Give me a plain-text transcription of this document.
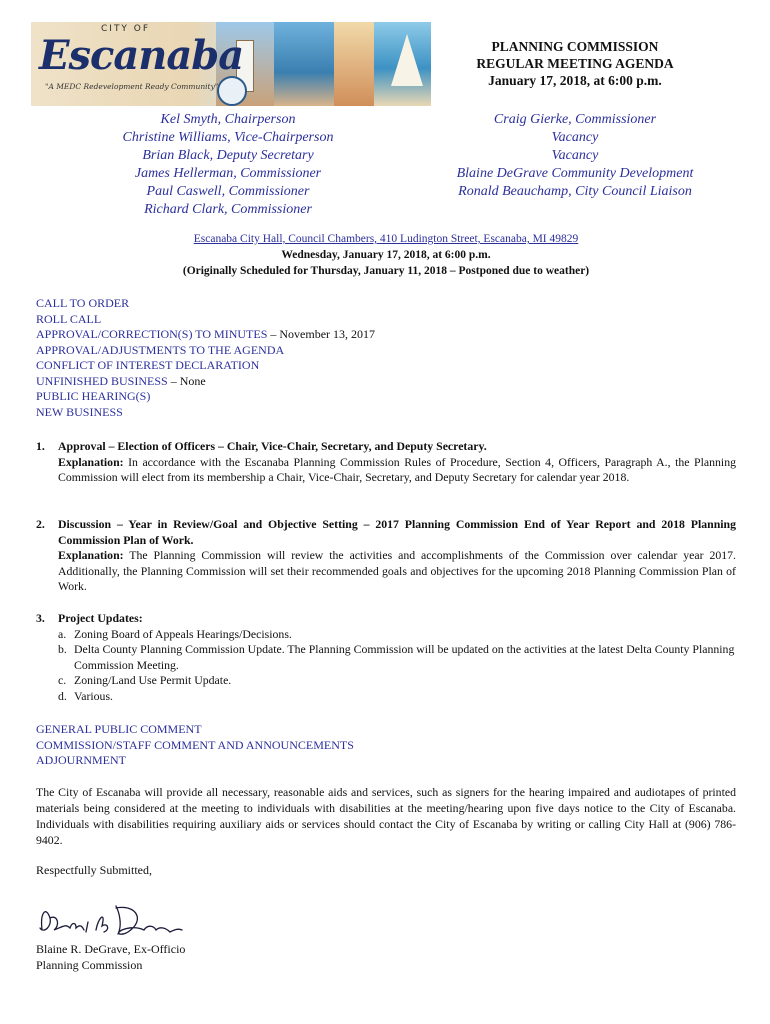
CITY OF
Escanaba
"A MEDC Redevelopment Ready Community"
PLANNING COMMISSION
REGULAR MEETING AGENDA
January 17, 2018, at 6:00 p.m.
Kel Smyth, Chairperson
Christine Williams, Vice-Chairperson
Brian Black, Deputy Secretary
James Hellerman, Commissioner
Paul Caswell, Commissioner
Richard Clark, Commissioner
Craig Gierke, Commissioner
Vacancy
Vacancy
Blaine DeGrave Community Development
Ronald Beauchamp, City Council Liaison
Escanaba City Hall, Council Chambers, 410 Ludington Street, Escanaba, MI 49829
Wednesday, January 17, 2018, at 6:00 p.m.
(Originally Scheduled for Thursday, January 11, 2018 – Postponed due to weather)
CALL TO ORDER
ROLL CALL
APPROVAL/CORRECTION(S) TO MINUTES – November 13, 2017
APPROVAL/ADJUSTMENTS TO THE AGENDA
CONFLICT OF INTEREST DECLARATION
UNFINISHED BUSINESS – None
PUBLIC HEARING(S)
NEW BUSINESS
1. Approval – Election of Officers – Chair, Vice-Chair, Secretary, and Deputy Secretary.
Explanation: In accordance with the Escanaba Planning Commission Rules of Procedure, Section 4, Officers, Paragraph A., the Planning Commission will elect from its membership a Chair, Vice-Chair, Secretary, and Deputy Secretary for calendar year 2018.
2.	Discussion – Year in Review/Goal and Objective Setting – 2017 Planning Commission End of Year Report and 2018 Planning Commission Plan of Work.
Explanation: The Planning Commission will review the activities and accomplishments of the Commission over calendar year 2017. Additionally, the Planning Commission will set their recommended goals and objectives for the upcoming 2018 Planning Commission Plan of Work.
3. Project Updates:
a. Zoning Board of Appeals Hearings/Decisions.
b. Delta County Planning Commission Update. The Planning Commission will be updated on the activities at the latest Delta County Planning Commission Meeting.
c. Zoning/Land Use Permit Update.
d. Various.
GENERAL PUBLIC COMMENT
COMMISSION/STAFF COMMENT AND ANNOUNCEMENTS
ADJOURNMENT
The City of Escanaba will provide all necessary, reasonable aids and services, such as signers for the hearing impaired and audiotapes of printed materials being considered at the meeting to individuals with disabilities at the meeting/hearing upon five days notice to the City of Escanaba. Individuals with disabilities requiring auxiliary aids or services should contact the City of Escanaba by writing or calling City Hall at (906) 786-9402.
Respectfully Submitted,
Blaine R. DeGrave, Ex-Officio
Planning Commission
